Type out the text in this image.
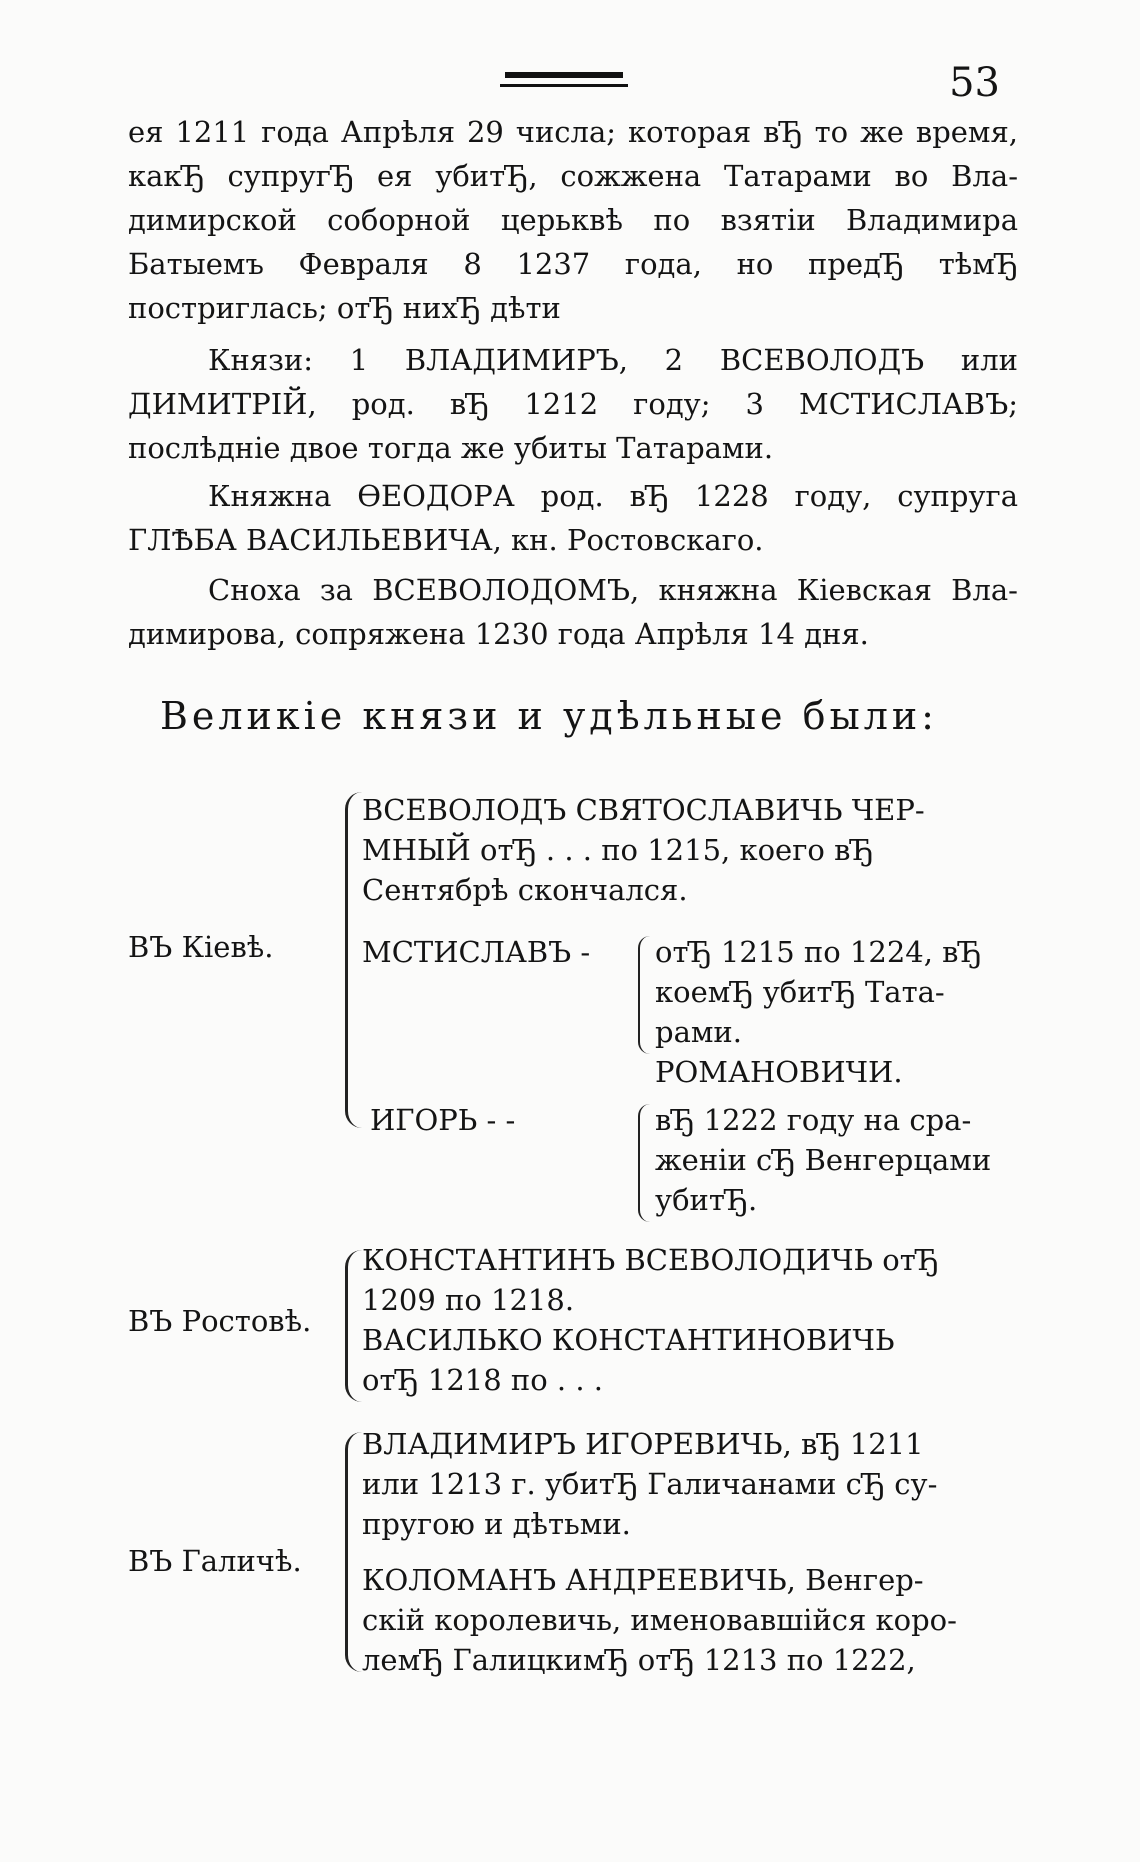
53
ея 1211 года Апрѣля 29 числа; которая вЂ то же время,
какЂ супругЂ ея убитЂ, сожжена Татарами во Вла-
димирской соборной церьквѣ по взятіи Владимира
Батыемъ Февраля 8 1237 года, но предЂ тѣмЂ
постриглась; отЂ нихЂ дѣти
Князи: 1 ВЛАДИМИРЪ, 2 ВСЕВОЛОДЪ или
ДИМИТРІЙ, род. вЂ 1212 году; 3 МСТИСЛАВЪ;
послѣдніе двое тогда же убиты Татарами.
Княжна ѲЕОДОРА род. вЂ 1228 году, супруга
ГЛѢБА ВАСИЛЬЕВИЧА, кн. Ростовскаго.
Сноха за ВСЕВОЛОДОМЪ, княжна Кіевская Вла-
димирова, сопряжена 1230 года Апрѣля 14 дня.
Великіе князи и удѣльные были:
ВЪ Кіевѣ.
ВСЕВОЛОДЪ СВЯТОСЛАВИЧЬ ЧЕР-
МНЫЙ отЂ . . . по 1215, коего вЂ
Сентябрѣ скончался.
МСТИСЛАВЪ - отЂ 1215 по 1224, вЂ
коемЂ убитЂ Тата-
рами.
РОМАНОВИЧИ.
ИГОРЬ - -	вЂ 1222 году на сра-
женіи сЂ Венгерцами
убитЂ.
ВЪ Ростовѣ.
КОНСТАНТИНЪ ВСЕВОЛОДИЧЬ отЂ
1209 по 1218.
ВАСИЛЬКО КОНСТАНТИНОВИЧЬ
отЂ 1218 по . . .
ВЪ Галичѣ.
ВЛАДИМИРЪ ИГОРЕВИЧЬ, вЂ 1211
или 1213 г. убитЂ Галичанами сЂ су-
пругою и дѣтьми.
КОЛОМАНЪ АНДРЕЕВИЧЬ, Венгер-
скій королевичь, именовавшійся коро-
лемЂ ГалицкимЂ отЂ 1213 по 1222,
